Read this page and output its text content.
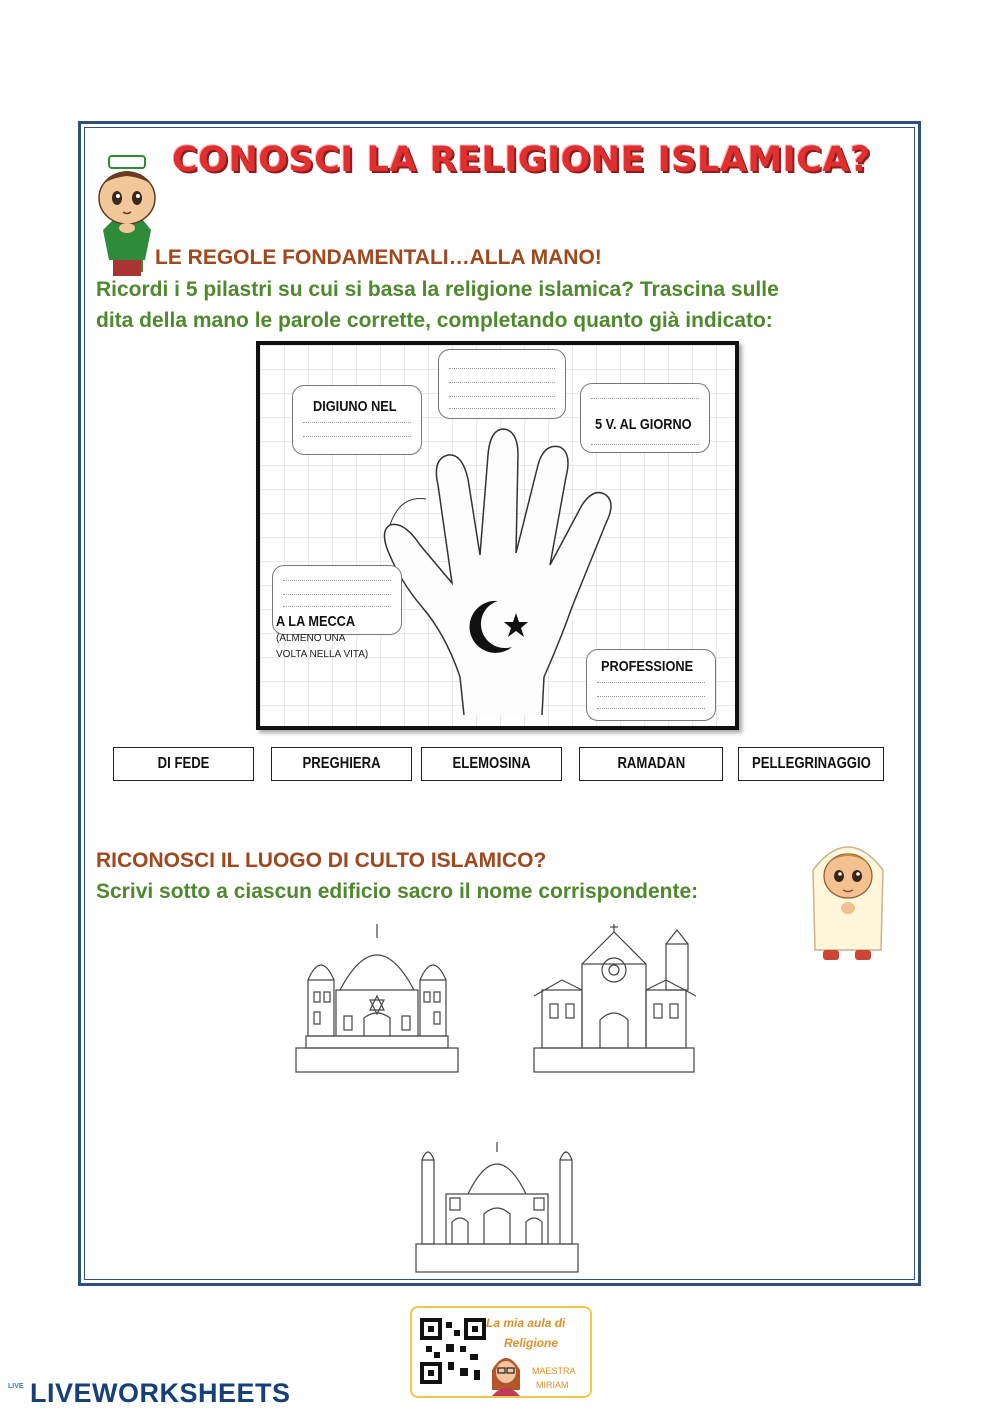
CONOSCI LA RELIGIONE ISLAMICA?
LE REGOLE FONDAMENTALI…ALLA MANO!
Ricordi i 5 pilastri su cui si basa la religione islamica? Trascina sulle
dita della mano le parole corrette, completando quanto già indicato:
DIGIUNO NEL
5 V. AL GIORNO
A LA MECCA
(ALMENO UNA
VOLTA NELLA VITA)
PROFESSIONE
DI FEDE	PREGHIERA	ELEMOSINA	RAMADAN	PELLEGRINAGGIO
RICONOSCI IL LUOGO DI CULTO ISLAMICO?
Scrivi sotto a ciascun edificio sacro il nome corrispondente:
La mia aula di
Religione
MAESTRA
MIRIAM
LIVE LIVEWORKSHEETS
